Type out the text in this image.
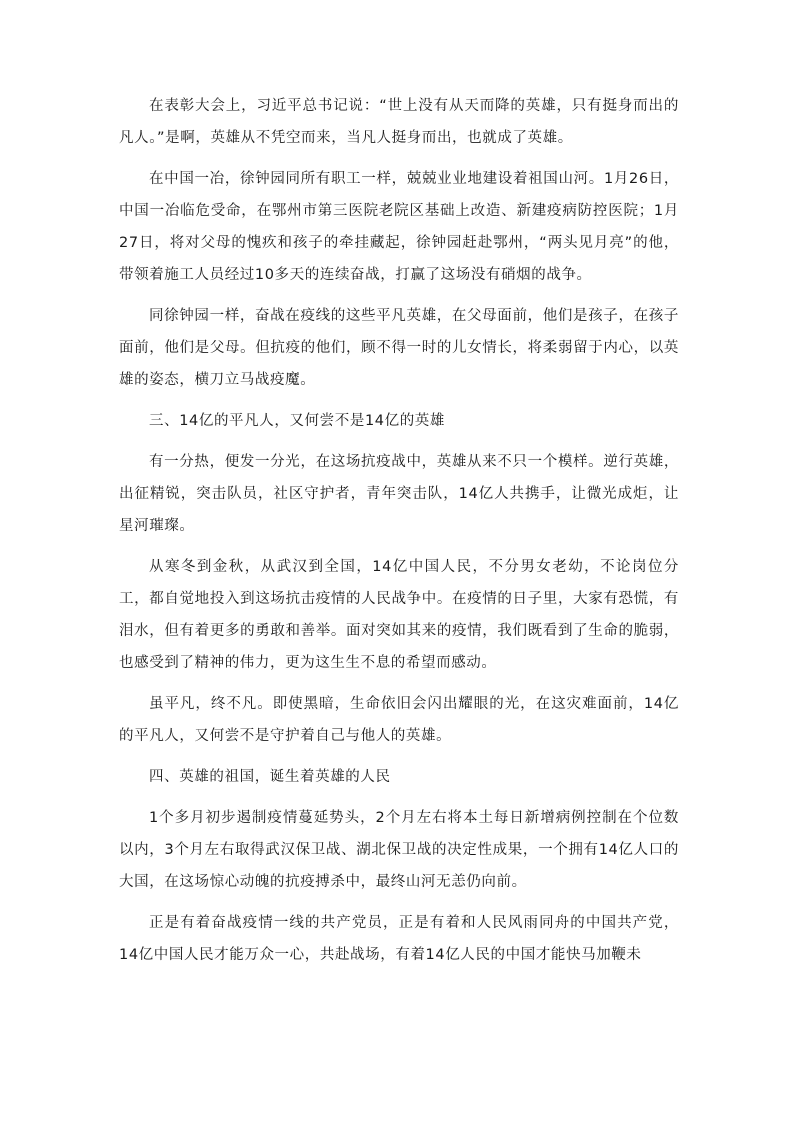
在表彰大会上，习近平总书记说：“世上没有从天而降的英雄，只有挺身而出的凡人。”是啊，英雄从不凭空而来，当凡人挺身而出，也就成了英雄。

在中国一冶，徐钟园同所有职工一样，兢兢业业地建设着祖国山河。1月26日，中国一冶临危受命，在鄂州市第三医院老院区基础上改造、新建疫病防控医院；1月27日，将对父母的愧疚和孩子的牵挂藏起，徐钟园赶赴鄂州，“两头见月亮”的他，带领着施工人员经过10多天的连续奋战，打赢了这场没有硝烟的战争。

同徐钟园一样，奋战在疫线的这些平凡英雄，在父母面前，他们是孩子，在孩子面前，他们是父母。但抗疫的他们，顾不得一时的儿女情长，将柔弱留于内心，以英雄的姿态，横刀立马战疫魔。

三、14亿的平凡人，又何尝不是14亿的英雄

有一分热，便发一分光，在这场抗疫战中，英雄从来不只一个模样。逆行英雄，出征精锐，突击队员，社区守护者，青年突击队，14亿人共携手，让微光成炬，让星河璀璨。

从寒冬到金秋，从武汉到全国，14亿中国人民，不分男女老幼，不论岗位分工，都自觉地投入到这场抗击疫情的人民战争中。在疫情的日子里，大家有恐慌，有泪水，但有着更多的勇敢和善举。面对突如其来的疫情，我们既看到了生命的脆弱，也感受到了精神的伟力，更为这生生不息的希望而感动。

虽平凡，终不凡。即使黑暗，生命依旧会闪出耀眼的光，在这灾难面前，14亿的平凡人，又何尝不是守护着自己与他人的英雄。

四、英雄的祖国，诞生着英雄的人民

1个多月初步遏制疫情蔓延势头，2个月左右将本土每日新增病例控制在个位数以内，3个月左右取得武汉保卫战、湖北保卫战的决定性成果，一个拥有14亿人口的大国，在这场惊心动魄的抗疫搏杀中，最终山河无恙仍向前。

正是有着奋战疫情一线的共产党员，正是有着和人民风雨同舟的中国共产党，14亿中国人民才能万众一心，共赴战场，有着14亿人民的中国才能快马加鞭未
